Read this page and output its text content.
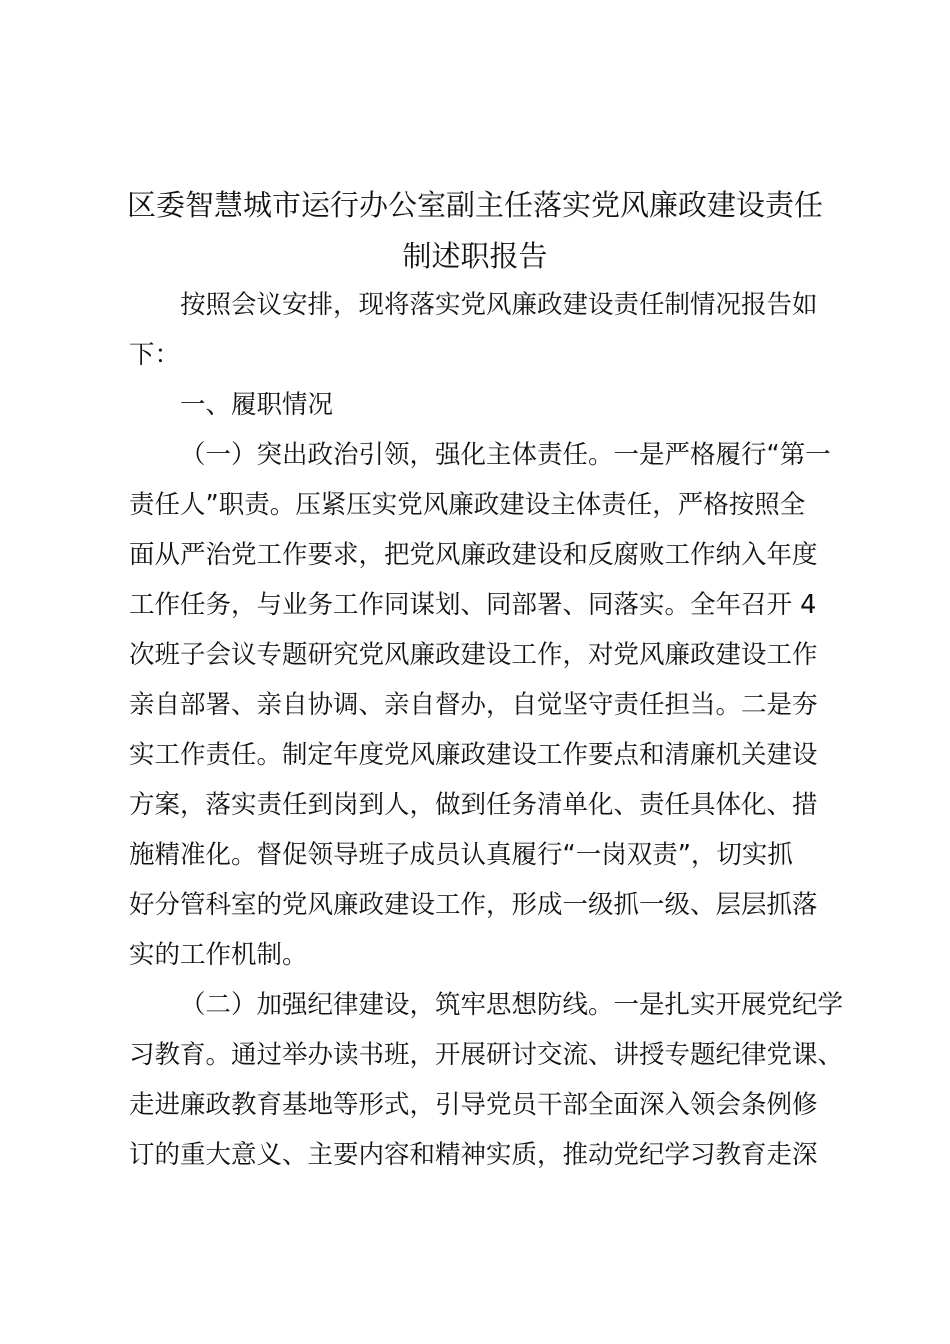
区委智慧城市运行办公室副主任落实党风廉政建设责任
制述职报告
按照会议安排，现将落实党风廉政建设责任制情况报告如
下：
一、履职情况
（一）突出政治引领，强化主体责任。一是严格履行“第一
责任人”职责。压紧压实党风廉政建设主体责任，严格按照全
面从严治党工作要求，把党风廉政建设和反腐败工作纳入年度
工作任务，与业务工作同谋划、同部署、同落实。全年召开 4
次班子会议专题研究党风廉政建设工作，对党风廉政建设工作
亲自部署、亲自协调、亲自督办，自觉坚守责任担当。二是夯
实工作责任。制定年度党风廉政建设工作要点和清廉机关建设
方案，落实责任到岗到人，做到任务清单化、责任具体化、措
施精准化。督促领导班子成员认真履行“一岗双责”，切实抓
好分管科室的党风廉政建设工作，形成一级抓一级、层层抓落
实的工作机制。
（二）加强纪律建设，筑牢思想防线。一是扎实开展党纪学
习教育。通过举办读书班，开展研讨交流、讲授专题纪律党课、
走进廉政教育基地等形式，引导党员干部全面深入领会条例修
订的重大意义、主要内容和精神实质，推动党纪学习教育走深
